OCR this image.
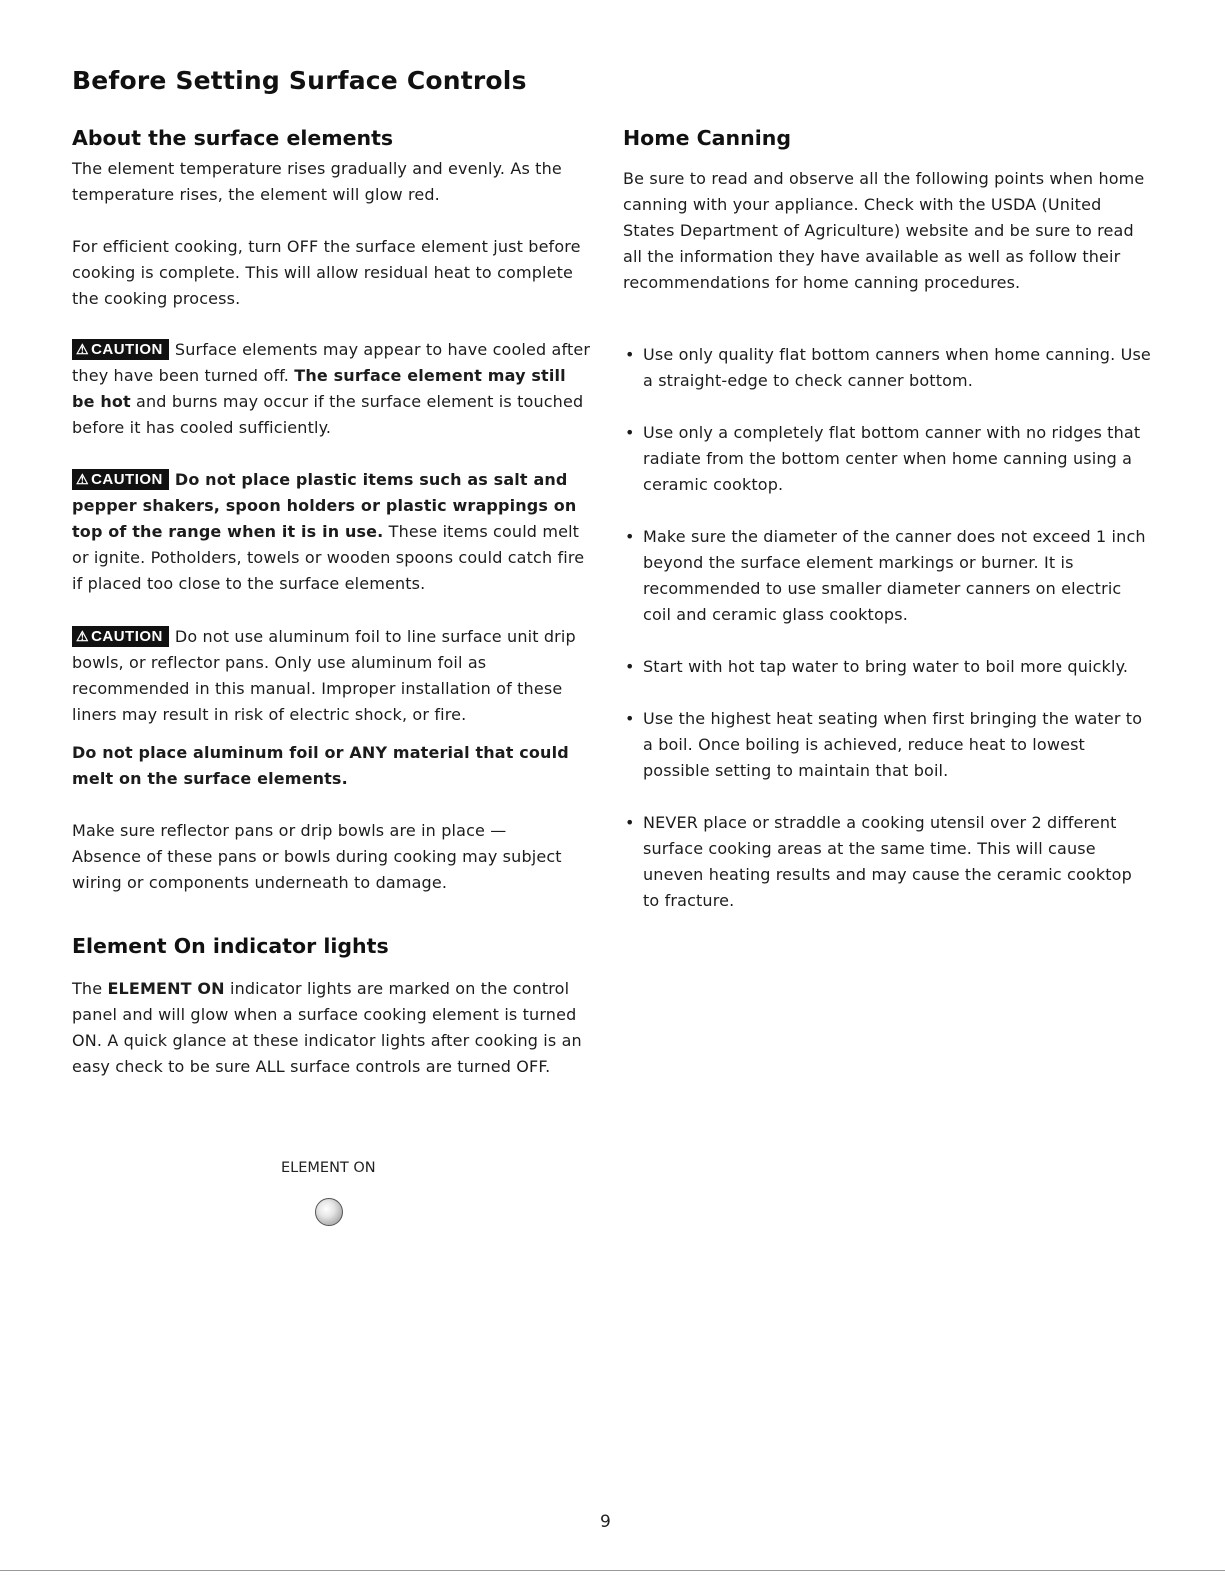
Before Setting Surface Controls
About the surface elements

The element temperature rises gradually and evenly. As the temperature rises, the element will glow red.

For efficient cooking, turn OFF the surface element just before cooking is complete. This will allow residual heat to complete the cooking process.

⚠ CAUTION Surface elements may appear to have cooled after they have been turned off. The surface element may still be hot and burns may occur if the surface element is touched before it has cooled sufficiently.

⚠ CAUTION Do not place plastic items such as salt and pepper shakers, spoon holders or plastic wrappings on top of the range when it is in use. These items could melt or ignite. Potholders, towels or wooden spoons could catch fire if placed too close to the surface elements.

⚠ CAUTION Do not use aluminum foil to line surface unit drip bowls, or reflector pans. Only use aluminum foil as recommended in this manual. Improper installation of these liners may result in risk of electric shock, or fire.

Do not place aluminum foil or ANY material that could melt on the surface elements.

Make sure reflector pans or drip bowls are in place — Absence of these pans or bowls during cooking may subject wiring or components underneath to damage.

Element On indicator lights

The ELEMENT ON indicator lights are marked on the control panel and will glow when a surface cooking element is turned ON. A quick glance at these indicator lights after cooking is an easy check to be sure ALL surface controls are turned OFF.

ELEMENT ON
Home Canning

Be sure to read and observe all the following points when home canning with your appliance. Check with the USDA (United States Department of Agriculture) website and be sure to read all the information they have available as well as follow their recommendations for home canning procedures.

• Use only quality flat bottom canners when home canning. Use a straight-edge to check canner bottom.
• Use only a completely flat bottom canner with no ridges that radiate from the bottom center when home canning using a ceramic cooktop.
• Make sure the diameter of the canner does not exceed 1 inch beyond the surface element markings or burner. It is recommended to use smaller diameter canners on electric coil and ceramic glass cooktops.
• Start with hot tap water to bring water to boil more quickly.
• Use the highest heat seating when first bringing the water to a boil. Once boiling is achieved, reduce heat to lowest possible setting to maintain that boil.
• NEVER place or straddle a cooking utensil over 2 different surface cooking areas at the same time. This will cause uneven heating results and may cause the ceramic cooktop to fracture.
9
